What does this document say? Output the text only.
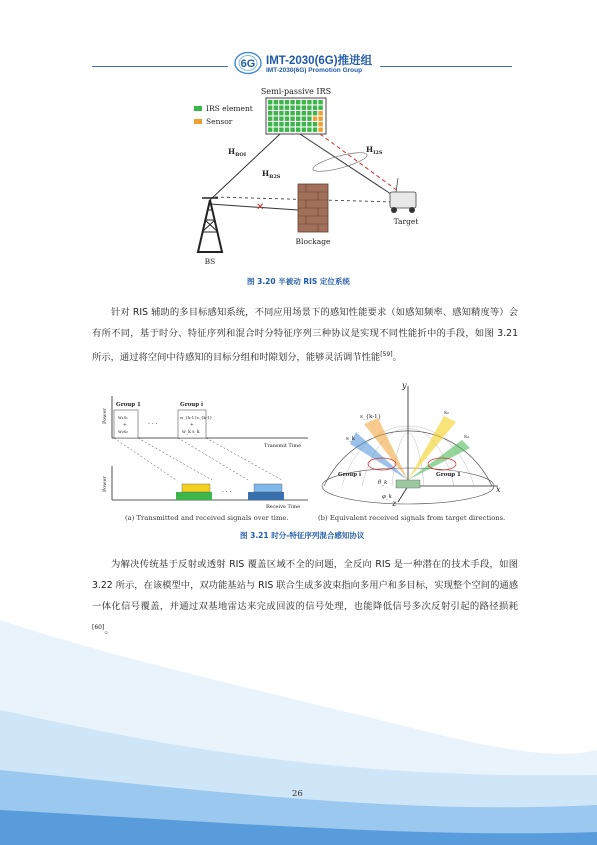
6G IMT-2030(6G)推进组
IMT-2030(6G) Promotion Group
Semi-passive IRS
IRS element
Sensor
✕
$H_{BOI}$
$H_{B2S}$
$H_{I2S}$
Blockage
Target
BS
图 3.20 半被动 RIS 定位系统

针对 RIS 辅助的多目标感知系统，不同应用场景下的感知性能要求（如感知频率、感知精度等）会有所不同，基于时分、特征序列和混合时分特征序列三种协议是实现不同性能折中的手段，如图 3.21 所示，通过将空间中待感知的目标分组和时隙划分，能够灵活调节性能[59]。

Power
Group 1
w₁s₁
+
w₂s₂
· · ·
Group i
w_{k-1}s_{k-1}
+
w_k s_k
Transmit Time
Power
· · ·
Receive Time
y
x
z
s_{k-1}
s_k
s₁
s₂
Group i	Group 1
φ_k
θ_k
(a) Transmitted and received signals over time.	(b) Equivalent received signals from target directions.
图 3.21 时分-特征序列混合感知协议

为解决传统基于反射或透射 RIS 覆盖区域不全的问题，全反向 RIS 是一种潜在的技术手段，如图 3.22 所示，在该模型中，双功能基站与 RIS 联合生成多波束指向多用户和多目标，实现整个空间的通感一体化信号覆盖，并通过双基地雷达来完成回波的信号处理，也能降低信号多次反射引起的路径损耗[60]。

26
